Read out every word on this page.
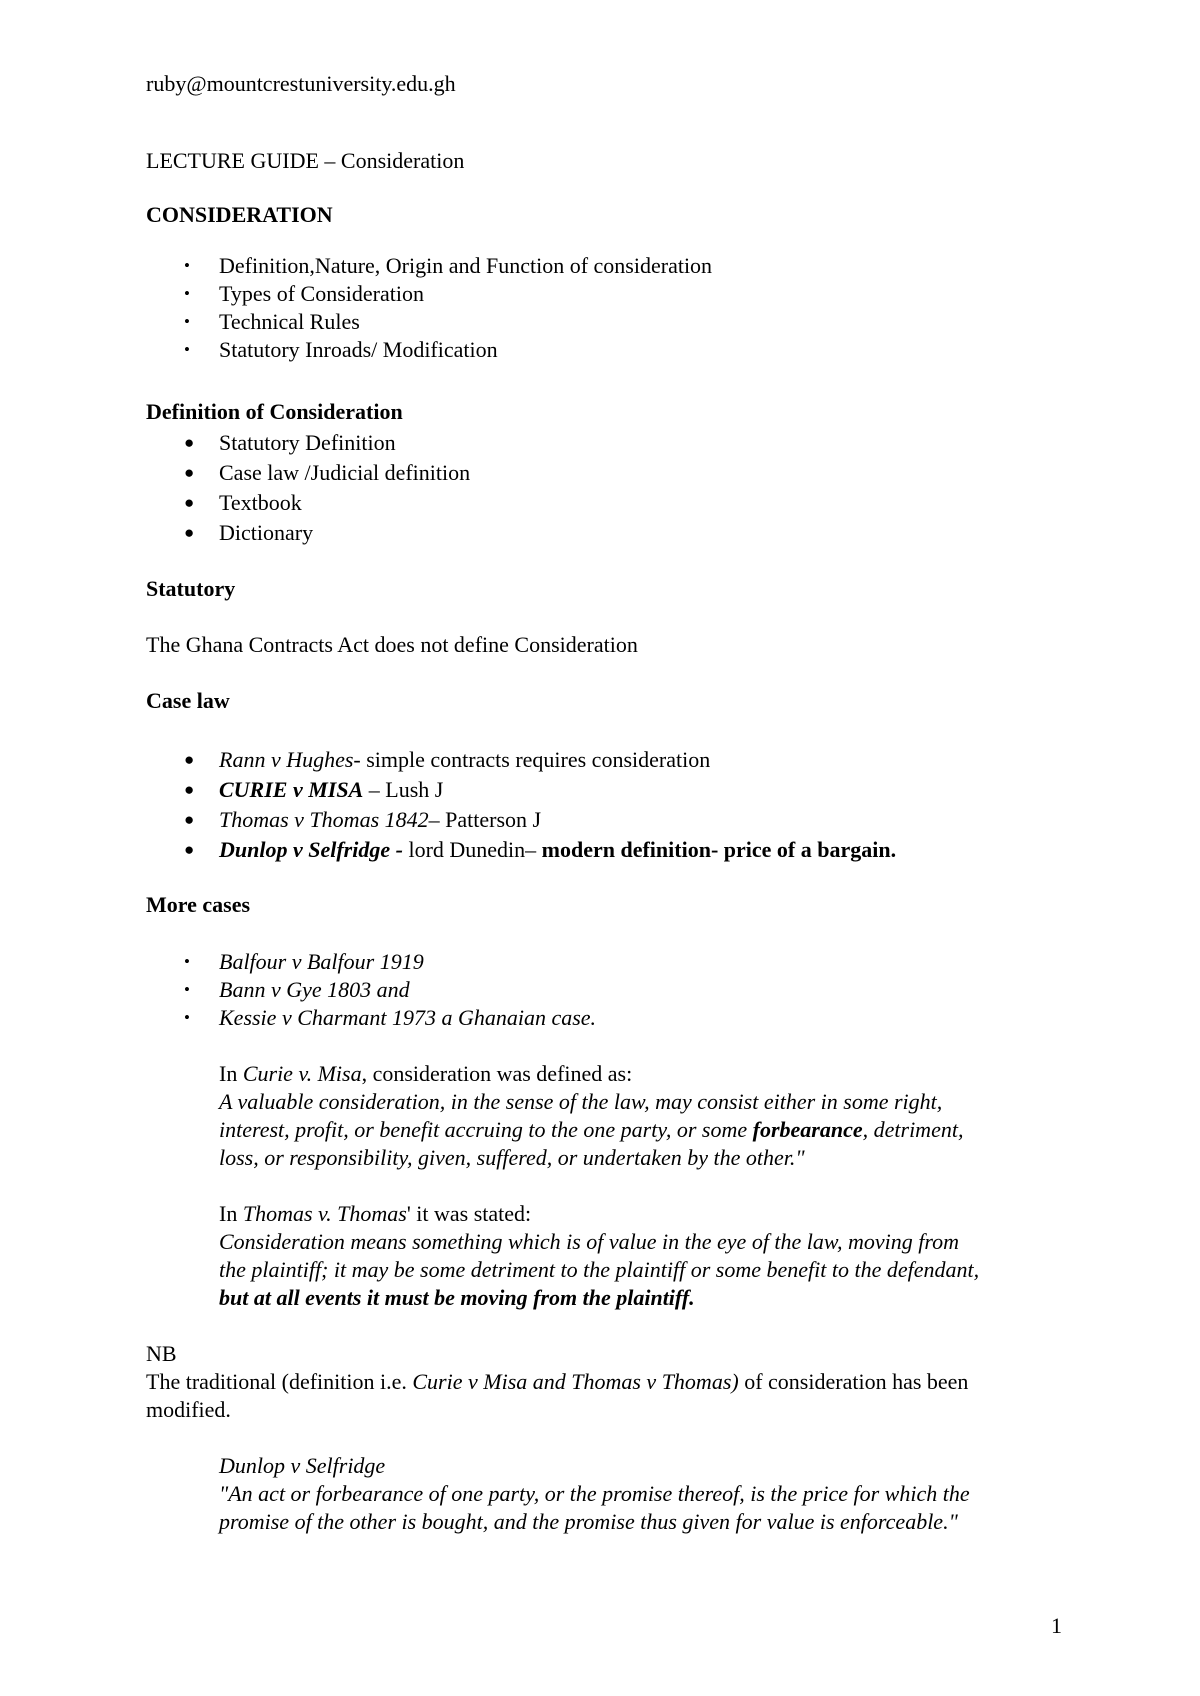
ruby@mountcrestuniversity.edu.gh
LECTURE GUIDE – Consideration
CONSIDERATION
• Definition,Nature, Origin and Function of consideration
• Types of Consideration
• Technical Rules
• Statutory Inroads/ Modification
Definition of Consideration
● Statutory Definition
● Case law /Judicial definition
● Textbook
● Dictionary
Statutory
The Ghana Contracts Act does not define Consideration
Case law
● Rann v Hughes- simple contracts requires consideration
● CURIE v MISA – Lush J
● Thomas v Thomas 1842– Patterson J
● Dunlop v Selfridge - lord Dunedin– modern definition- price of a bargain.
More cases
• Balfour v Balfour 1919
• Bann v Gye 1803 and
• Kessie v Charmant 1973 a Ghanaian case.
In Curie v. Misa, consideration was defined as:
A valuable consideration, in the sense of the law, may consist either in some right,
interest, profit, or benefit accruing to the one party, or some forbearance, detriment,
loss, or responsibility, given, suffered, or undertaken by the other."
In Thomas v. Thomas' it was stated:
Consideration means something which is of value in the eye of the law, moving from
the plaintiff; it may be some detriment to the plaintiff or some benefit to the defendant,
but at all events it must be moving from the plaintiff.
NB
The traditional (definition i.e. Curie v Misa and Thomas v Thomas) of consideration has been
modified.
Dunlop v Selfridge
"An act or forbearance of one party, or the promise thereof, is the price for which the
promise of the other is bought, and the promise thus given for value is enforceable."
1
